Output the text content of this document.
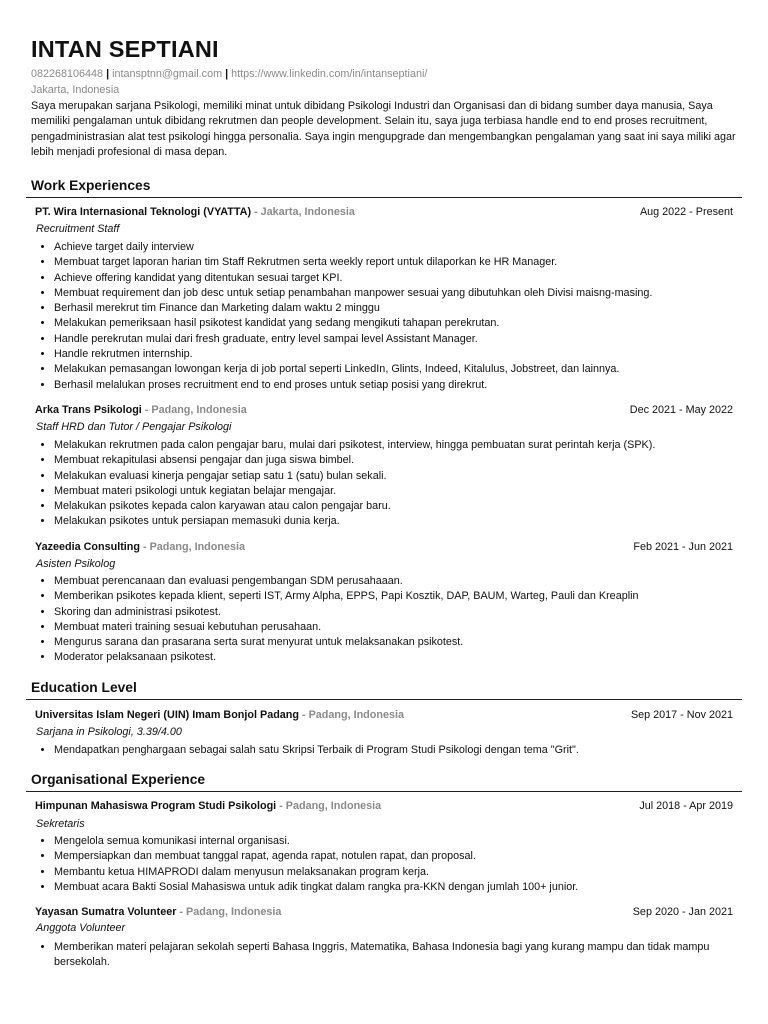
INTAN SEPTIANI
082268106448 | intansptnn@gmail.com | https://www.linkedin.com/in/intanseptiani/
Jakarta, Indonesia
Saya merupakan sarjana Psikologi, memiliki minat untuk dibidang Psikologi Industri dan Organisasi dan di bidang sumber daya manusia, Saya memiliki pengalaman untuk dibidang rekrutmen dan people development. Selain itu, saya juga terbiasa handle end to end proses recruitment, pengadministrasian alat test psikologi hingga personalia. Saya ingin mengupgrade dan mengembangkan pengalaman yang saat ini saya miliki agar lebih menjadi profesional di masa depan.
Work Experiences
PT. Wira Internasional Teknologi (VYATTA) - Jakarta, Indonesia	Aug 2022 - Present
Recruitment Staff
• Achieve target daily interview
• Membuat target laporan harian tim Staff Rekrutmen serta weekly report untuk dilaporkan ke HR Manager.
• Achieve offering kandidat yang ditentukan sesuai target KPI.
• Membuat requirement dan job desc untuk setiap penambahan manpower sesuai yang dibutuhkan oleh Divisi maisng-masing.
• Berhasil merekrut tim Finance dan Marketing dalam waktu 2 minggu
• Melakukan pemeriksaan hasil psikotest kandidat yang sedang mengikuti tahapan perekrutan.
• Handle perekrutan mulai dari fresh graduate, entry level sampai level Assistant Manager.
• Handle rekrutmen internship.
• Melakukan pemasangan lowongan kerja di job portal seperti LinkedIn, Glints, Indeed, Kitalulus, Jobstreet, dan lainnya.
• Berhasil melalukan proses recruitment end to end proses untuk setiap posisi yang direkrut.
Arka Trans Psikologi - Padang, Indonesia	Dec 2021 - May 2022
Staff HRD dan Tutor / Pengajar Psikologi
• Melakukan rekrutmen pada calon pengajar baru, mulai dari psikotest, interview, hingga pembuatan surat perintah kerja (SPK).
• Membuat rekapitulasi absensi pengajar dan juga siswa bimbel.
• Melakukan evaluasi kinerja pengajar setiap satu 1 (satu) bulan sekali.
• Membuat materi psikologi untuk kegiatan belajar mengajar.
• Melakukan psikotes kepada calon karyawan atau calon pengajar baru.
• Melakukan psikotes untuk persiapan memasuki dunia kerja.
Yazeedia Consulting - Padang, Indonesia	Feb 2021 - Jun 2021
Asisten Psikolog
• Membuat perencanaan dan evaluasi pengembangan SDM perusahaaan.
• Memberikan psikotes kepada klient, seperti IST, Army Alpha, EPPS, Papi Kosztik, DAP, BAUM, Warteg, Pauli dan Kreaplin
• Skoring dan administrasi psikotest.
• Membuat materi training sesuai kebutuhan perusahaan.
• Mengurus sarana dan prasarana serta surat menyurat untuk melaksanakan psikotest.
• Moderator pelaksanaan psikotest.
Education Level
Universitas Islam Negeri (UIN) Imam Bonjol Padang - Padang, Indonesia	Sep 2017 - Nov 2021
Sarjana in Psikologi, 3.39/4.00
• Mendapatkan penghargaan sebagai salah satu Skripsi Terbaik di Program Studi Psikologi dengan tema "Grit".
Organisational Experience
Himpunan Mahasiswa Program Studi Psikologi - Padang, Indonesia	Jul 2018 - Apr 2019
Sekretaris
• Mengelola semua komunikasi internal organisasi.
• Mempersiapkan dan membuat tanggal rapat, agenda rapat, notulen rapat, dan proposal.
• Membantu ketua HIMAPRODI dalam menyusun melaksanakan program kerja.
• Membuat acara Bakti Sosial Mahasiswa untuk adik tingkat dalam rangka pra-KKN dengan jumlah 100+ junior.
Yayasan Sumatra Volunteer - Padang, Indonesia	Sep 2020 - Jan 2021
Anggota Volunteer
• Memberikan materi pelajaran sekolah seperti Bahasa Inggris, Matematika, Bahasa Indonesia bagi yang kurang mampu dan tidak mampu bersekolah.
